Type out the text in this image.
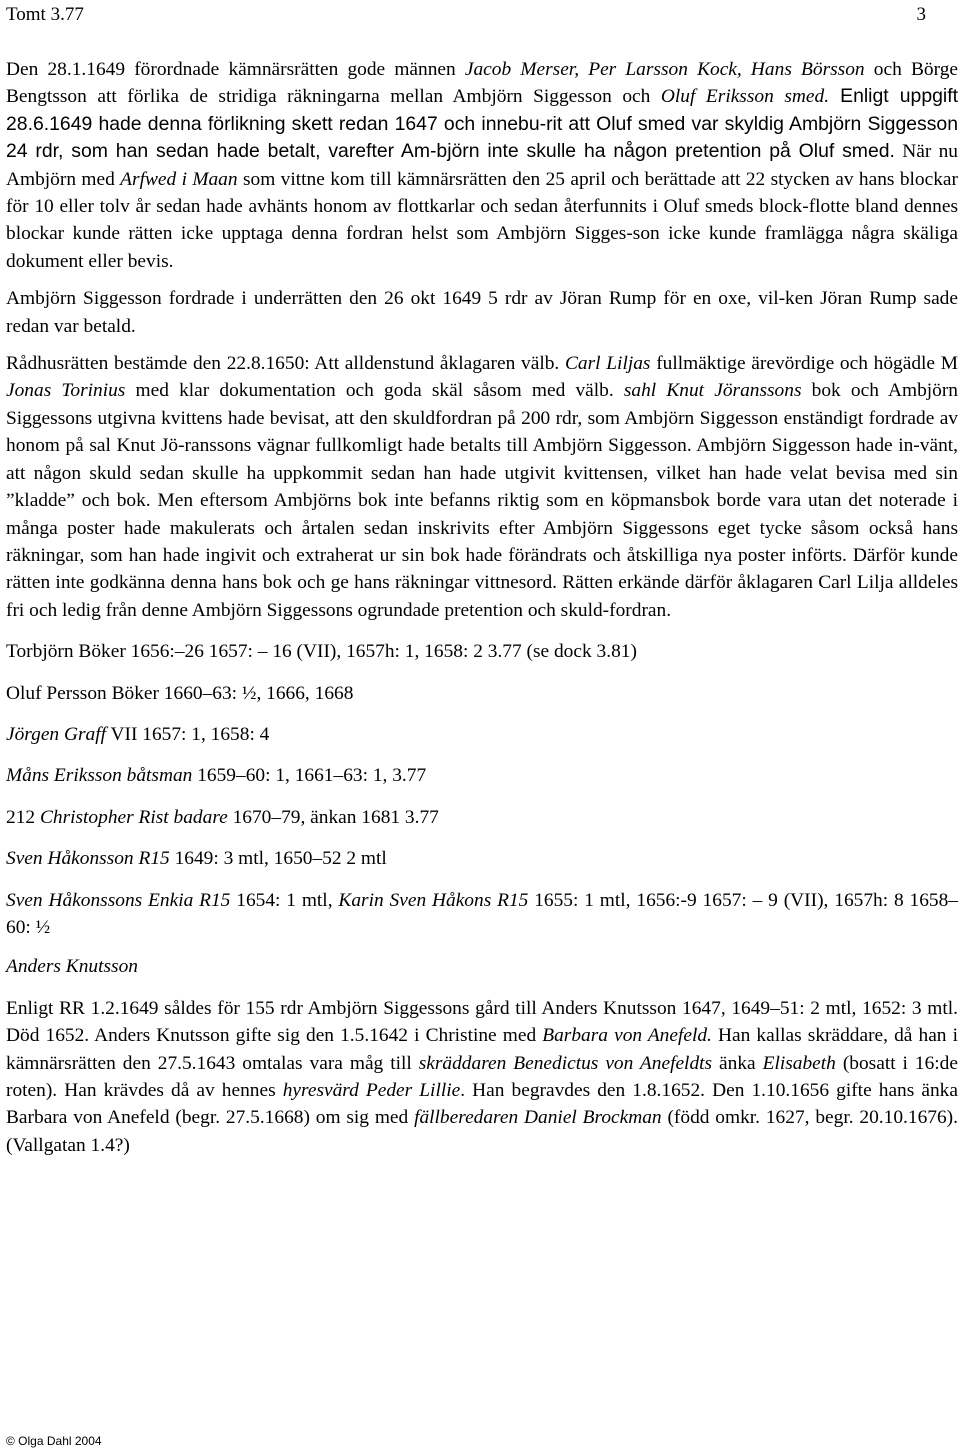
Tomt 3.77	3

Den 28.1.1649 förordnade kämnärsrätten gode männen Jacob Merser, Per Larsson Kock, Hans Börsson och Börge Bengtsson att förlika de stridiga räkningarna mellan Ambjörn Siggesson och Oluf Eriksson smed. Enligt uppgift 28.6.1649 hade denna förlikning skett redan 1647 och innebu-rit att Oluf smed var skyldig Ambjörn Siggesson 24 rdr, som han sedan hade betalt, varefter Am-björn inte skulle ha någon pretention på Oluf smed. När nu Ambjörn med Arfwed i Maan som vittne kom till kämnärsrätten den 25 april och berättade att 22 stycken av hans blockar för 10 eller tolv år sedan hade avhänts honom av flottkarlar och sedan återfunnits i Oluf smeds block-flotte bland dennes blockar kunde rätten icke upptaga denna fordran helst som Ambjörn Sigges-son icke kunde framlägga några skäliga dokument eller bevis.

Ambjörn Siggesson fordrade i underrätten den 26 okt 1649 5 rdr av Jöran Rump för en oxe, vil-ken Jöran Rump sade redan var betald.

Rådhusrätten bestämde den 22.8.1650: Att alldenstund åklagaren välb. Carl Liljas fullmäktige ärevördige och högädle M Jonas Torinius med klar dokumentation och goda skäl såsom med välb. sahl Knut Jöranssons bok och Ambjörn Siggessons utgivna kvittens hade bevisat, att den skuldfordran på 200 rdr, som Ambjörn Siggesson enständigt fordrade av honom på sal Knut Jö-ranssons vägnar fullkomligt hade betalts till Ambjörn Siggesson. Ambjörn Siggesson hade in-vänt, att någon skuld sedan skulle ha uppkommit sedan han hade utgivit kvittensen, vilket han hade velat bevisa med sin ”kladde” och bok. Men eftersom Ambjörns bok inte befanns riktig som en köpmansbok borde vara utan det noterade i många poster hade makulerats och årtalen sedan inskrivits efter Ambjörn Siggessons eget tycke såsom också hans räkningar, som han hade ingivit och extraherat ur sin bok hade förändrats och åtskilliga nya poster införts. Därför kunde rätten inte godkänna denna hans bok och ge hans räkningar vittnesord. Rätten erkände därför åklagaren Carl Lilja alldeles fri och ledig från denne Ambjörn Siggessons ogrundade pretention och skuld-fordran.

Torbjörn Böker 1656:–26 1657: – 16 (VII), 1657h: 1, 1658: 2 3.77 (se dock 3.81)

Oluf Persson Böker 1660–63: ½, 1666, 1668

Jörgen Graff VII 1657: 1, 1658: 4

Måns Eriksson båtsman 1659–60: 1, 1661–63: 1, 3.77

212 Christopher Rist badare 1670–79, änkan 1681 3.77

Sven Håkonsson R15 1649: 3 mtl, 1650–52 2 mtl

Sven Håkonssons Enkia R15 1654: 1 mtl, Karin Sven Håkons R15 1655: 1 mtl, 1656:-9 1657: – 9 (VII), 1657h: 8 1658–60: ½

Anders Knutsson

Enligt RR 1.2.1649 såldes för 155 rdr Ambjörn Siggessons gård till Anders Knutsson 1647, 1649–51: 2 mtl, 1652: 3 mtl. Död 1652. Anders Knutsson gifte sig den 1.5.1642 i Christine med Barbara von Anefeld. Han kallas skräddare, då han i kämnärsrätten den 27.5.1643 omtalas vara måg till skräddaren Benedictus von Anefeldts änka Elisabeth (bosatt i 16:de roten). Han krävdes då av hennes hyresvärd Peder Lillie. Han begravdes den 1.8.1652. Den 1.10.1656 gifte hans änka Barbara von Anefeld (begr. 27.5.1668) om sig med fällberedaren Daniel Brockman (född omkr. 1627, begr. 20.10.1676). (Vallgatan 1.4?)

© Olga Dahl 2004
